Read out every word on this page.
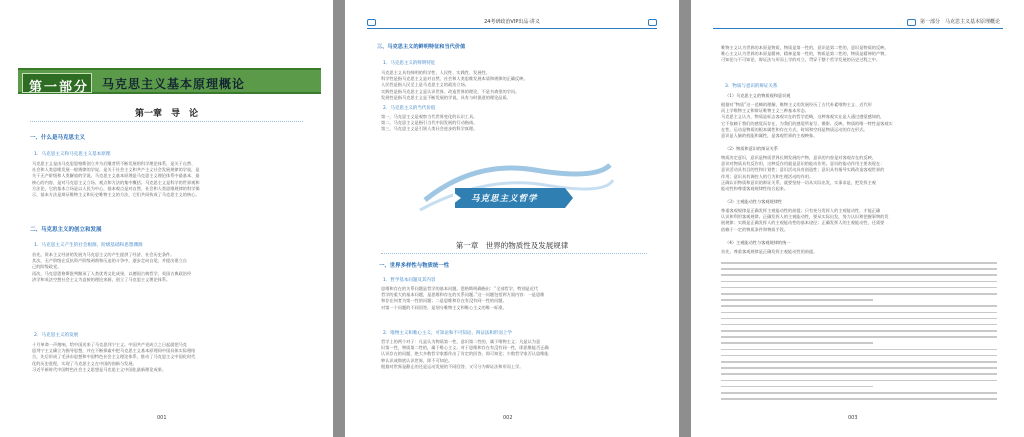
第一部分 马克思主义基本原理概论
第一章　导　论
一、什么是马克思主义
1．马克思主义和马克思主义基本原理

马克思主义是由马克思恩格斯创立并为后继者所不断发展的科学理论体系，是关于自然、

社会和人类思维发展一般规律的学说，是关于社会主义和共产主义社会发展规律的学说，是

关于无产阶级和人类解放的学说。马克思主义基本原理是马克思主义理论体系中最基本、最

核心的内容，是对马克思主义立场、观点和方法的集中概括。马克思主义是科学的世界观和

方法论，它的基本立场是以人民为中心，基本观点是对自然、社会和人类思维规律的科学揭

示，基本方法是辩证唯物主义和历史唯物主义的方法，它们共同构成了马克思主义的核心。

二、马克思主义的创立和发展
1．马克思主义产生的社会根源、阶级基础和思想渊源

首先，资本主义经济的发展为马克思主义的产生提供了经济、社会历史条件。

其次，无产阶级在反抗资产阶级剥削和压迫的斗争中，逐步走向自觉，并提出建立自

己的阶级政党。

再次，马克思恩格斯批判继承了人类优秀文化成果，以德国古典哲学、英国古典政治经

济学和英法空想社会主义为直接的理论来源，创立了马克思主义理论体系。

2．马克思主义的发展

十月革命一声炮响，给中国送来了马克思列宁主义。中国共产党成立之日起就把马克

思列宁主义确立为指导思想，并在不断探索中把马克思主义基本原理同中国具体实际相结

合，先后形成了毛泽东思想和中国特色社会主义理论体系，推动了马克思主义中国化时代

化的历史进程，实现了马克思主义在中国的创新与发展。

习近平新时代中国特色社会主义思想是马克思主义中国化最新理论成果。

001
24考研政治VIP出品·讲义
三、马克思主义的鲜明特征和当代价值
1．马克思主义的鲜明特征

马克思主义具有鲜明的科学性、人民性、实践性、发展性。

科学性是指马克思主义是对自然、社会和人类思维发展本质和规律的正确反映。

人民性是指人民至上是马克思主义的政治立场。

实践性是指马克思主义是认识世界、改造世界的理论，不是书斋里的学问。

发展性是指马克思主义是不断发展的学说，具有与时俱进的理论品质。

2．马克思主义的当代价值

第一，马克思主义是观察当代世界变化的认识工具。

第二，马克思主义是指引当代中国发展的行动指南。

第三，马克思主义是引领人类社会进步的科学真理。

马克思主义哲学
第一章　世界的物质性及发展规律
一、世界多样性与物质统一性
1．哲学基本问题及其内容

思维和存在的关系问题是哲学的基本问题。恩格斯明确指出：“全部哲学，特别是近代

哲学的重大的基本问题，是思维和存在的关系问题。”这一问题包括两方面内容：一是思维

和存在何者为第一性的问题；二是思维和存在有没有同一性的问题。

对第一个问题的不同回答，是划分唯物主义和唯心主义的唯一标准。

2．唯物主义和唯心主义、可知论和不可知论、辩证法和形而上学

哲学上的两个对子：凡是认为物质第一性，意识第二性的，属于唯物主义；凡是认为意

识第一性，物质第二性的，属于唯心主义。对于思维和存在有没有同一性，即思维能否正确

认识存在的问题，绝大多数哲学家都作出了肯定的回答，即可知论；少数哲学家否认思维能

够认识或彻底认识世界，即不可知论。

根据对世界是静止的还是运动发展的不同回答，又可分为辩证法和形而上学。

002
第一部分　马克思主义基本原理概论

唯物主义认为世界的本原是物质，物质是第一性的，意识是第二性的，意识是物质的反映。

唯心主义认为世界的本原是精神，精神是第一性的，物质是第二性的，物质是精神的产物。

可知论与不可知论、辩证法与形而上学的对立，贯穿于整个哲学发展的历史过程之中。

3．物质与意识的辩证关系
（1）马克思主义的物质观和意识观

根据对“物质”这一范畴的理解，唯物主义的发展经历了古代朴素唯物主义、近代形

而上学唯物主义和辩证唯物主义三种基本形态。

马克思主义认为，物质是标志客观实在的哲学范畴，这种客观实在是人通过感觉感知的，

它不依赖于我们的感觉而存在，为我们的感觉所复写、摄影、反映。物质的唯一特性是客观实

在性。运动是物质的根本属性和存在方式，时间和空间是物质运动的存在形式。

意识是人脑的机能和属性，是客观世界的主观映象。

（2）物质和意识的辩证关系

物质决定意识，意识是物质世界长期发展的产物，意识的内容是对客观存在的反映。

意识对物质具有反作用，这种反作用就是意识的能动作用。意识的能动作用主要表现在：

意识活动具有目的性和计划性；意识活动具有创造性；意识具有指导实践改造客观世界的

作用；意识具有调控人的行为和生理活动的作用。

正确认识物质和意识的辩证关系，就要坚持一切从实际出发，实事求是，把发挥主观

能动性和尊重客观规律性结合起来。

（3）主观能动性与客观规律性

尊重客观规律是正确发挥主观能动性的前提；只有充分发挥人的主观能动性，才能正确

认识和利用客观规律。正确发挥人的主观能动性，要从实际出发，努力认识和把握事物的发

展规律；实践是正确发挥人的主观能动性的基本途径；正确发挥人的主观能动性，还需要

依赖于一定的物质条件和物质手段。

（4）主观能动性与客观规律的统一

首先，尊重客观规律是正确发挥主观能动性的前提。

003
